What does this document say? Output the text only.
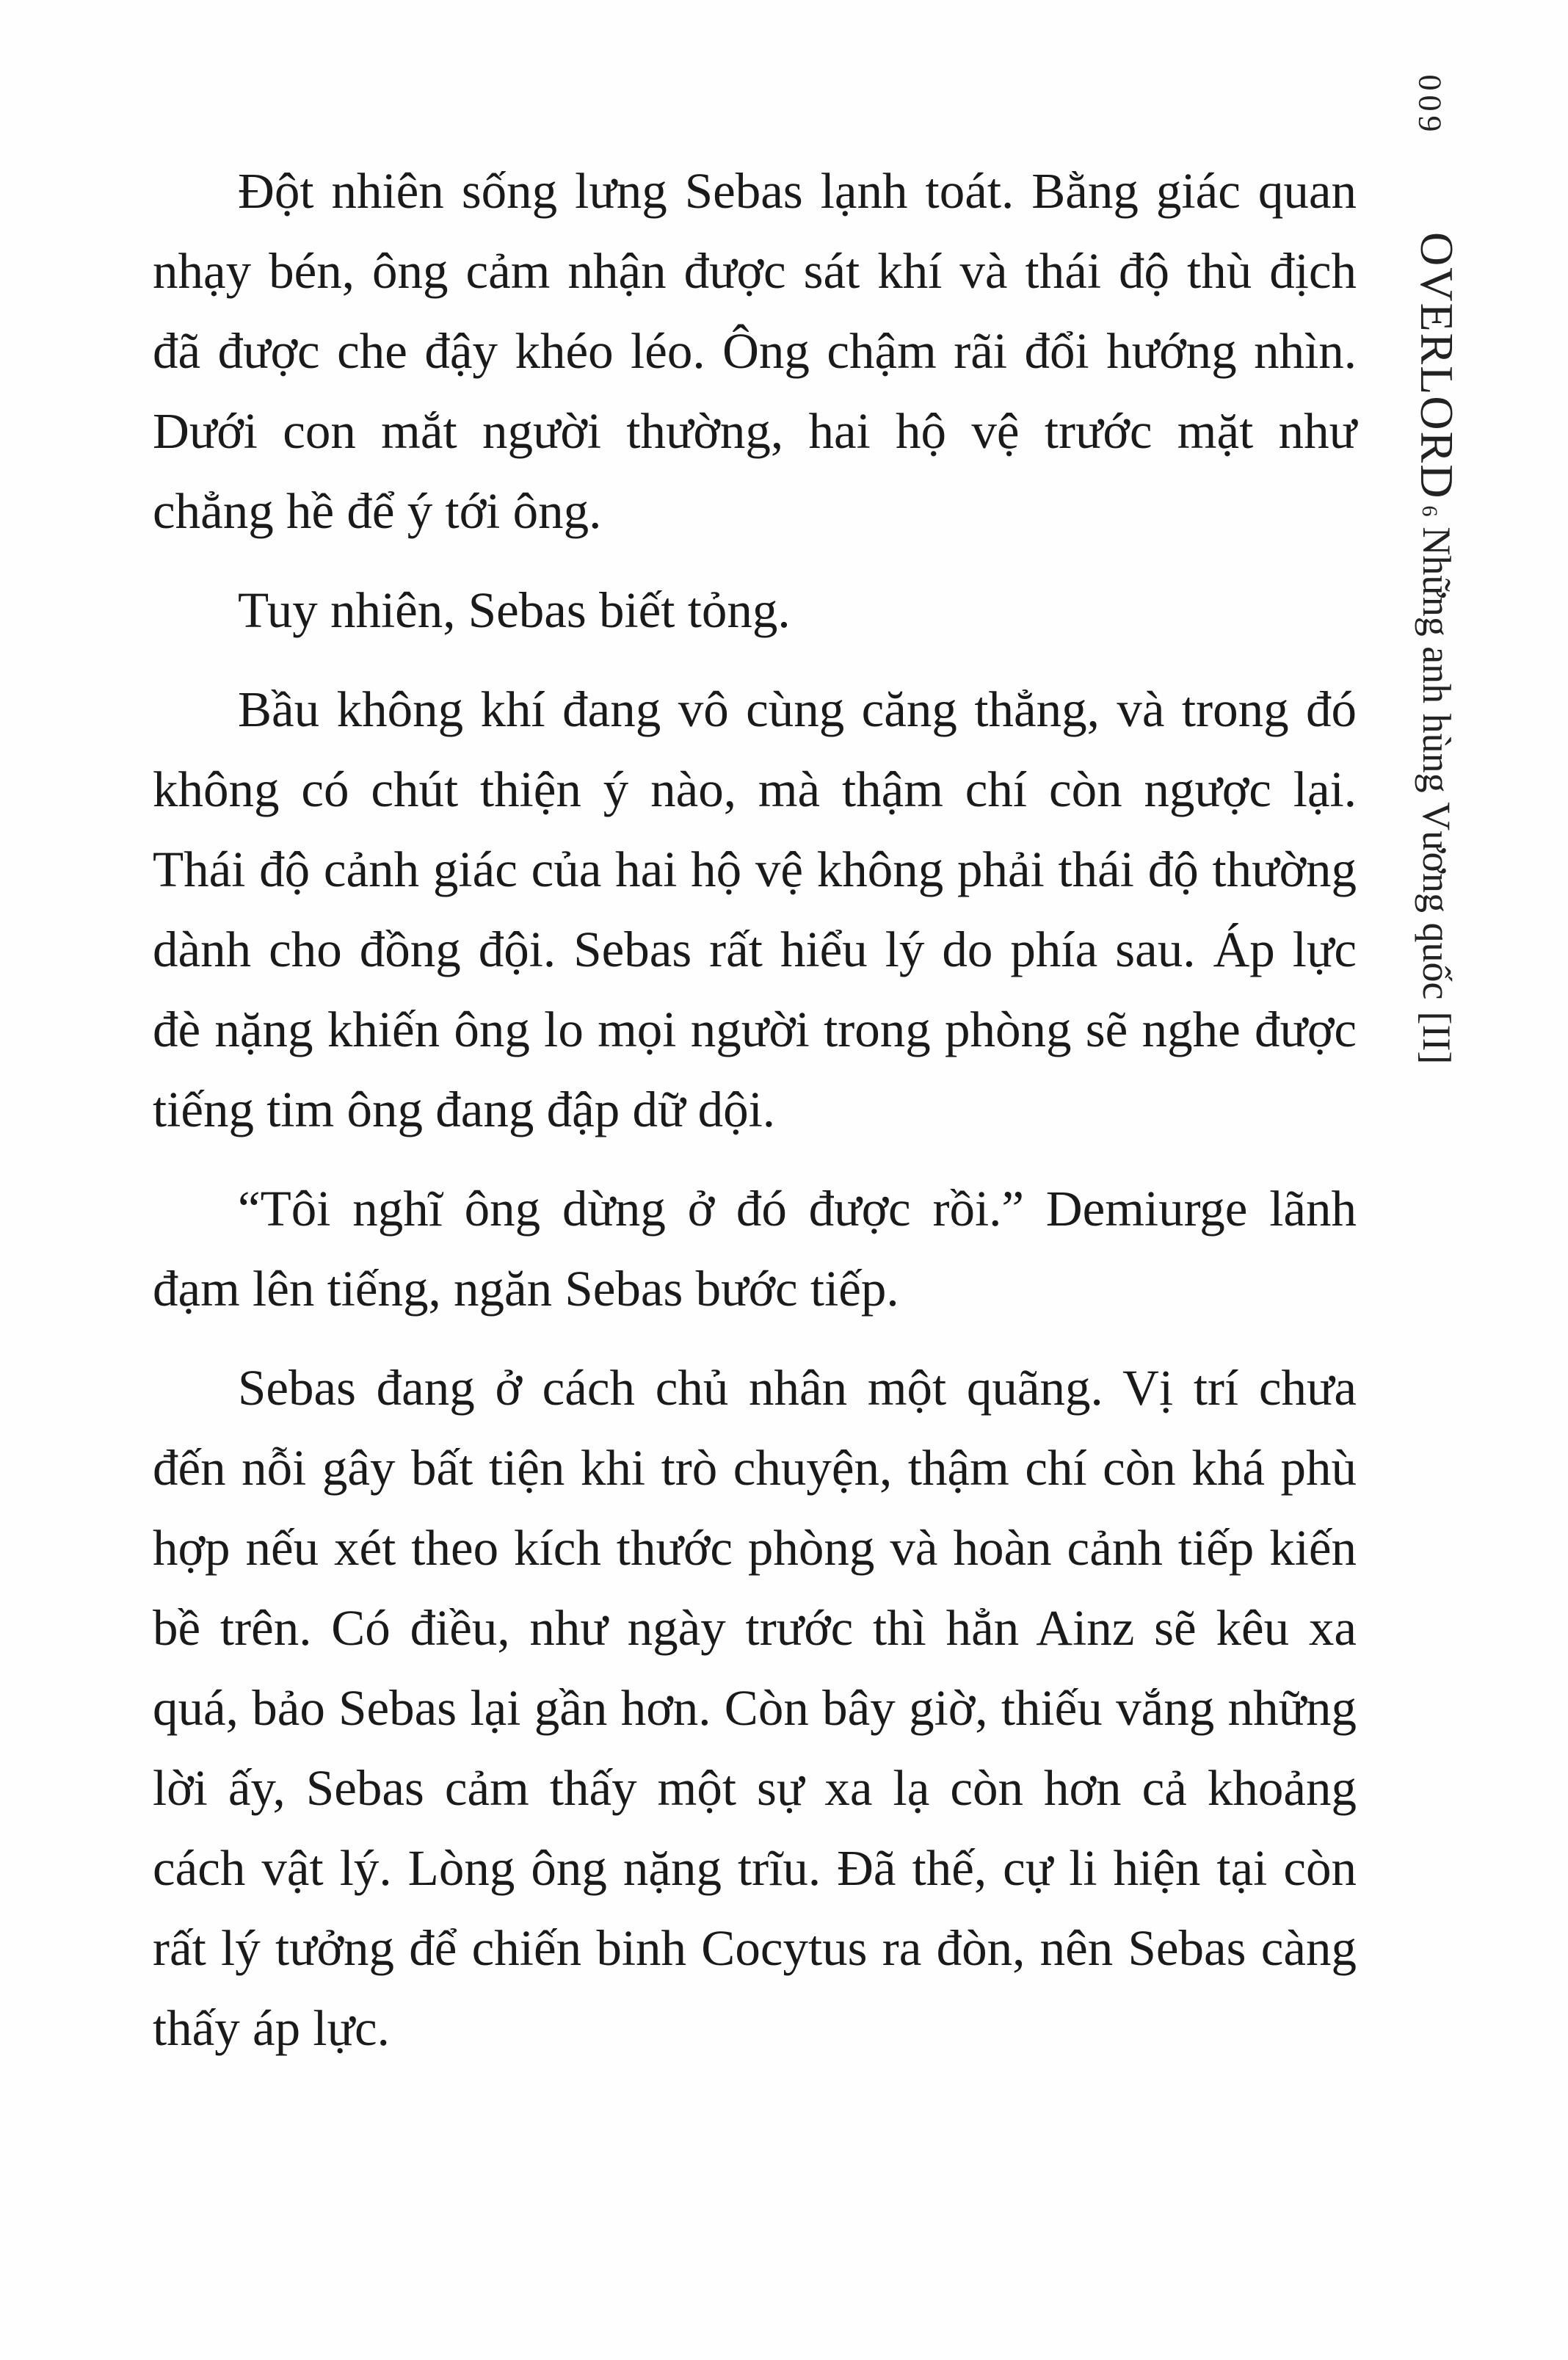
009
OVERLORD
6
Những anh hùng Vương quốc
[II]

Đột nhiên sống lưng Sebas lạnh toát. Bằng giác quan nhạy bén, ông cảm nhận được sát khí và thái độ thù địch đã được che đậy khéo léo. Ông chậm rãi đổi hướng nhìn. Dưới con mắt người thường, hai hộ vệ trước mặt như chẳng hề để ý tới ông.

Tuy nhiên, Sebas biết tỏng.

Bầu không khí đang vô cùng căng thẳng, và trong đó không có chút thiện ý nào, mà thậm chí còn ngược lại. Thái độ cảnh giác của hai hộ vệ không phải thái độ thường dành cho đồng đội. Sebas rất hiểu lý do phía sau. Áp lực đè nặng khiến ông lo mọi người trong phòng sẽ nghe được tiếng tim ông đang đập dữ dội.

“Tôi nghĩ ông dừng ở đó được rồi.” Demiurge lãnh đạm lên tiếng, ngăn Sebas bước tiếp.

Sebas đang ở cách chủ nhân một quãng. Vị trí chưa đến nỗi gây bất tiện khi trò chuyện, thậm chí còn khá phù hợp nếu xét theo kích thước phòng và hoàn cảnh tiếp kiến bề trên. Có điều, như ngày trước thì hẳn Ainz sẽ kêu xa quá, bảo Sebas lại gần hơn. Còn bây giờ, thiếu vắng những lời ấy, Sebas cảm thấy một sự xa lạ còn hơn cả khoảng cách vật lý. Lòng ông nặng trĩu. Đã thế, cự li hiện tại còn rất lý tưởng để chiến binh Cocytus ra đòn, nên Sebas càng thấy áp lực.
